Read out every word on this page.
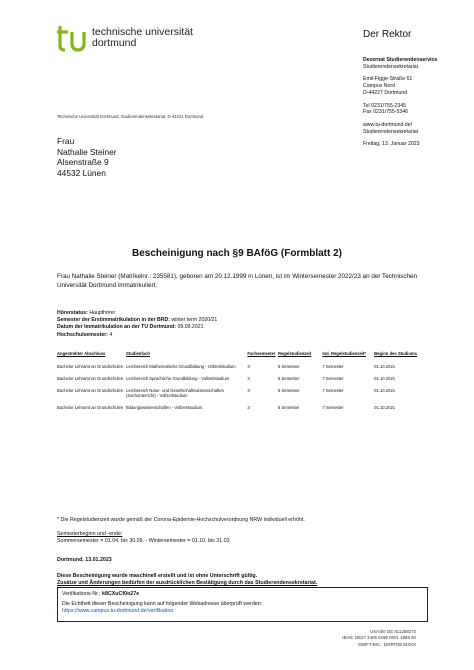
technische universität
dortmund
Der Rektor
Dezernat Studierendenservice
Studierendensekretariat
Emil-Figge-Straße 61
Campus Nord
D-44227 Dortmund
Tel 0231/755-2345
Fax 0231/755-5346
www.tu-dortmund.de/
Studierendensekretariat
Freitag, 13. Januar 2023
Technische Universität Dortmund, Studierendensekretariat, D-44221 Dortmund
Frau
Nathalie Steiner
Alsenstraße 9
44532 Lünen
Bescheinigung nach §9 BAföG (Formblatt 2)
Frau Nathalie Steiner (Matrikelnr.: 235581), geboren am 20.12.1999 in Lünen, ist im Wintersemester 2022/23 an der Technischen Universität Dortmund immatrikuliert.
Hörerstatus: Haupthörer
Semester der Erstimmatrikulation in der BRD: winter term 2020/21
Datum der Immatrikulation an der TU Dortmund: 09.09.2021
Hochschulsemester: 4
Angestrebter Abschluss	Studienfach	Fachsemester	Regelstudienzeit	Ind. Regelstudienzeit*	Beginn des Studiums
Bachelor Lehramt an Grundschulen	Lernbereich Mathematische Grundbildung - Vollzeitstudium	3	6 Semester	7 Semester	01.10.2021
Bachelor Lehramt an Grundschulen	Lernbereich Sprachliche Grundbildung - Vollzeitstudium	3	6 Semester	7 Semester	01.10.2021
Bachelor Lehramt an Grundschulen	Lernbereich Natur- und Gesellschaftswissenschaften (Sachunterricht) - Vollzeitstudium	3	6 Semester	7 Semester	01.10.2021
Bachelor Lehramt an Grundschulen	Bildungswissenschaften - Vollzeitstudium	3	6 Semester	7 Semester	01.10.2021
* Die Regelstudienzeit wurde gemäß der Corona-Epidemie-Hochschulverordnung NRW individuell erhöht.
Semesterbeginn und -ende:
Sommersemester = 01.04. bis 30.09. - Wintersemester = 01.10. bis 31.03.
Dortmund, 13.01.2023
Diese Bescheinigung wurde maschinell erstellt und ist ohne Unterschrift gültig.
Zusätze und Änderungen bedürfen der ausdrücklichen Bestätigung durch das Studierendensekretariat.
Verifikations-Nr.: k8CXuCf0o27e
Die Echtheit dieser Bescheinigung kann auf folgender Webadresse überprüft werden:
https://www.campus.tu-dortmund.de/verifikation
Ust-Idnr DE 811258273
IBAN: DE27 4405 0199 0001 1888 60
SWIFT-BIC.: DORTDE33XXX
